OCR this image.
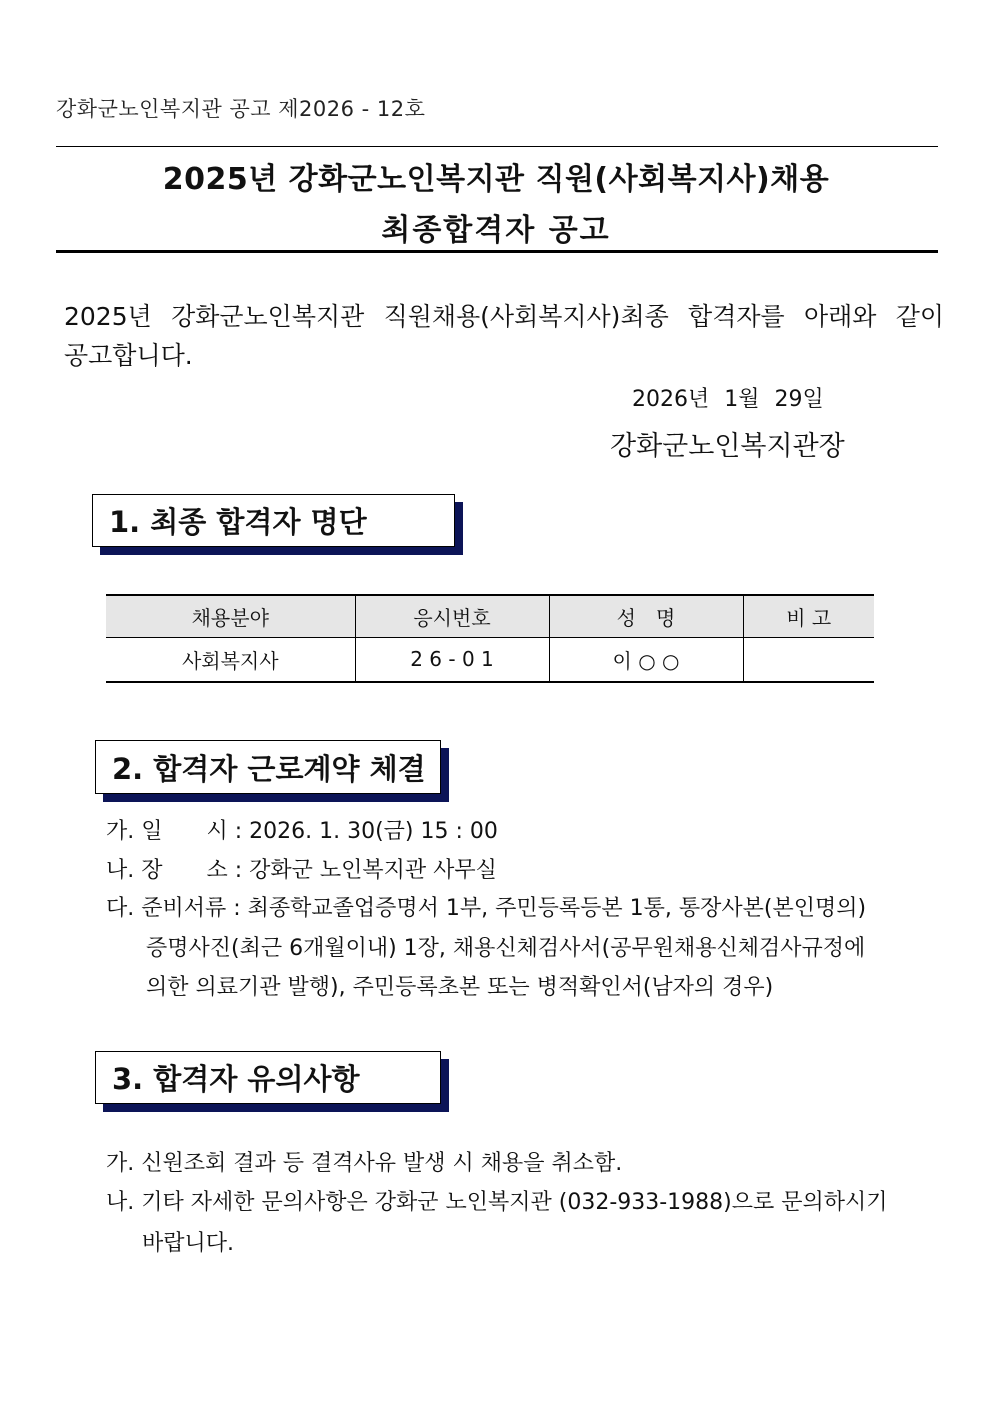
강화군노인복지관 공고 제2026 - 12호
2025년 강화군노인복지관 직원(사회복지사)채용
최종합격자 공고
2025년 강화군노인복지관 직원채용(사회복지사)최종 합격자를 아래와 같이
공고합니다.
2026년 1월 29일
강화군노인복지관장
1. 최종 합격자 명단
채용분야	응시번호	성　명	비 고
사회복지사	2 6 - 0 1	이 ○ ○	
2. 합격자 근로계약 체결
가. 일　　시 : 2026. 1. 30(금) 15 : 00
나. 장　　소 : 강화군 노인복지관 사무실
다. 준비서류 : 최종학교졸업증명서 1부, 주민등록등본 1통, 통장사본(본인명의)
증명사진(최근 6개월이내) 1장, 채용신체검사서(공무원채용신체검사규정에
의한 의료기관 발행), 주민등록초본 또는 병적확인서(남자의 경우)
3. 합격자 유의사항
가. 신원조회 결과 등 결격사유 발생 시 채용을 취소함.
나. 기타 자세한 문의사항은 강화군 노인복지관 (032-933-1988)으로 문의하시기
바랍니다.
